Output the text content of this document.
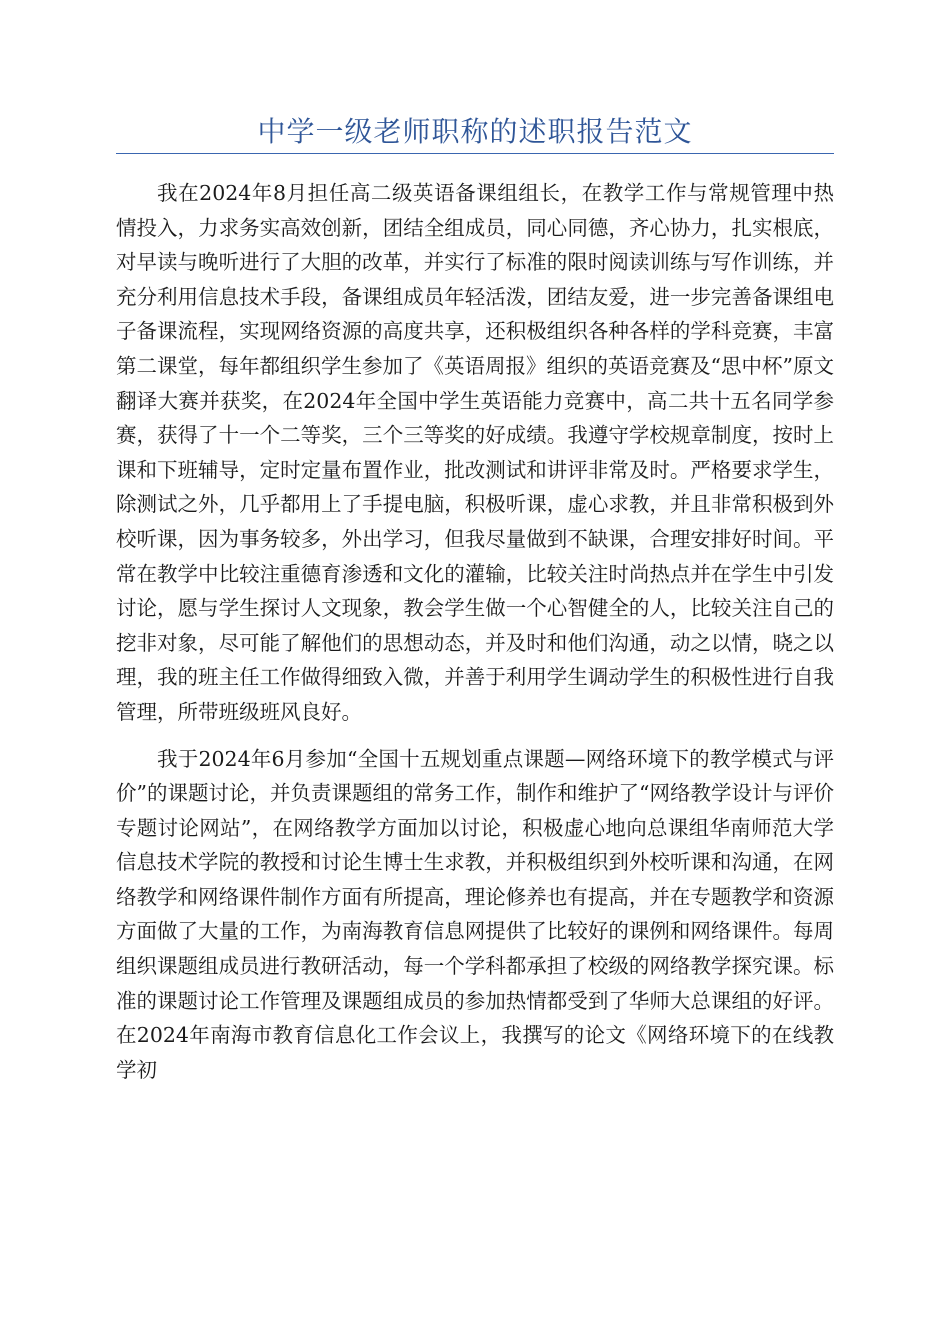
中学一级老师职称的述职报告范文

我在2024年8月担任高二级英语备课组组长，在教学工作与常规管理中热情投入，力求务实高效创新，团结全组成员，同心同德，齐心协力，扎实根底，对早读与晚听进行了大胆的改革，并实行了标准的限时阅读训练与写作训练，并充分利用信息技术手段，备课组成员年轻活泼，团结友爱，进一步完善备课组电子备课流程，实现网络资源的高度共享，还积极组织各种各样的学科竞赛，丰富第二课堂，每年都组织学生参加了《英语周报》组织的英语竞赛及“思中杯”原文翻译大赛并获奖，在2024年全国中学生英语能力竞赛中，高二共十五名同学参赛，获得了十一个二等奖，三个三等奖的好成绩。我遵守学校规章制度，按时上课和下班辅导，定时定量布置作业，批改测试和讲评非常及时。严格要求学生，除测试之外，几乎都用上了手提电脑，积极听课，虚心求教，并且非常积极到外校听课，因为事务较多，外出学习，但我尽量做到不缺课，合理安排好时间。平常在教学中比较注重德育渗透和文化的灌输，比较关注时尚热点并在学生中引发讨论，愿与学生探讨人文现象，教会学生做一个心智健全的人，比较关注自己的挖非对象，尽可能了解他们的思想动态，并及时和他们沟通，动之以情，晓之以理，我的班主任工作做得细致入微，并善于利用学生调动学生的积极性进行自我管理，所带班级班风良好。

我于2024年6月参加“全国十五规划重点课题—网络环境下的教学模式与评价”的课题讨论，并负责课题组的常务工作，制作和维护了“网络教学设计与评价专题讨论网站”，在网络教学方面加以讨论，积极虚心地向总课组华南师范大学信息技术学院的教授和讨论生博士生求教，并积极组织到外校听课和沟通，在网络教学和网络课件制作方面有所提高，理论修养也有提高，并在专题教学和资源方面做了大量的工作，为南海教育信息网提供了比较好的课例和网络课件。每周组织课题组成员进行教研活动，每一个学科都承担了校级的网络教学探究课。标准的课题讨论工作管理及课题组成员的参加热情都受到了华师大总课组的好评。在2024年南海市教育信息化工作会议上，我撰写的论文《网络环境下的在线教学初
